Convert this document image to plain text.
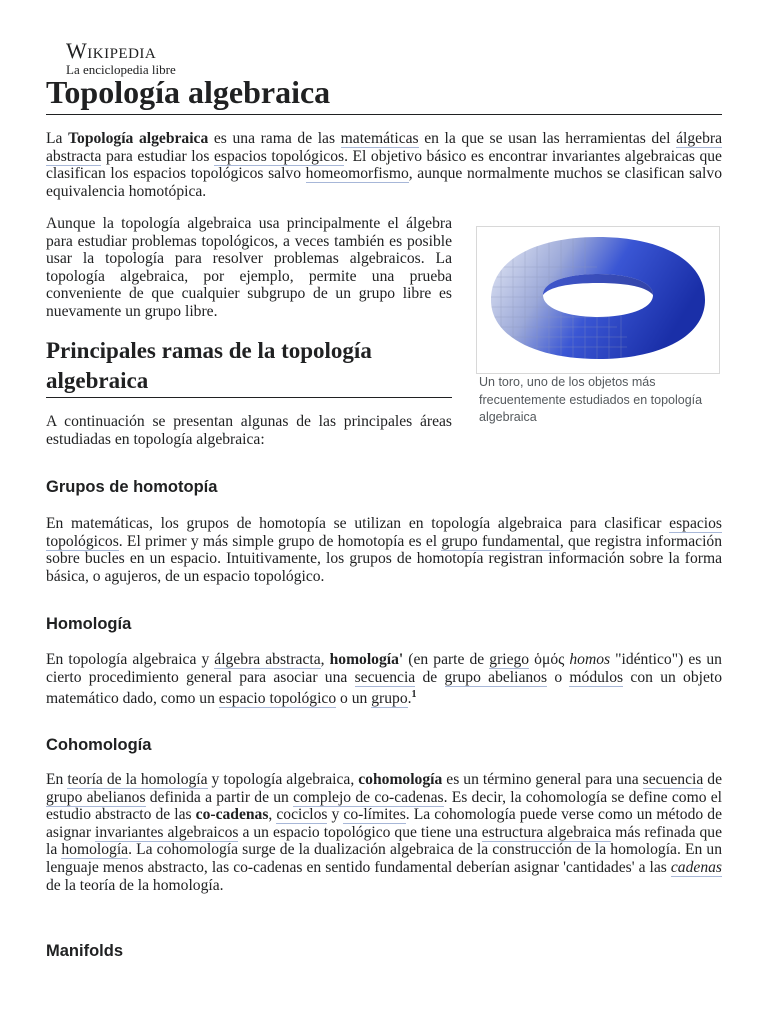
Wikipedia
La enciclopedia libre
Topología algebraica

La Topología algebraica es una rama de las matemáticas en la que se usan las herramientas del álgebra abstracta para estudiar los espacios topológicos. El objetivo básico es encontrar invariantes algebraicas que clasifican los espacios topológicos salvo homeomorfismo, aunque normalmente muchos se clasifican salvo equivalencia homotópica.

Aunque la topología algebraica usa principalmente el álgebra para estudiar problemas topológicos, a veces también es posible usar la topología para resolver problemas algebraicos. La topología algebraica, por ejemplo, permite una prueba conveniente de que cualquier subgrupo de un grupo libre es nuevamente un grupo libre.

Un toro, uno de los objetos más frecuentemente estudiados en topología algebraica
Principales ramas de la topología algebraica

A continuación se presentan algunas de las principales áreas estudiadas en topología algebraica:

Grupos de homotopía

En matemáticas, los grupos de homotopía se utilizan en topología algebraica para clasificar espacios topológicos. El primer y más simple grupo de homotopía es el grupo fundamental, que registra información sobre bucles en un espacio. Intuitivamente, los grupos de homotopía registran información sobre la forma básica, o agujeros, de un espacio topológico.

Homología

En topología algebraica y álgebra abstracta, homología' (en parte de griego ὁμός homos "idéntico") es un cierto procedimiento general para asociar una secuencia de grupo abelianos o módulos con un objeto matemático dado, como un espacio topológico o un grupo.$^1$

Cohomología

En teoría de la homología y topología algebraica, cohomología es un término general para una secuencia de grupo abelianos definida a partir de un complejo de co-cadenas. Es decir, la cohomología se define como el estudio abstracto de las co-cadenas, cociclos y co-límites. La cohomología puede verse como un método de asignar invariantes algebraicos a un espacio topológico que tiene una estructura algebraica más refinada que la homología. La cohomología surge de la dualización algebraica de la construcción de la homología. En un lenguaje menos abstracto, las co-cadenas en sentido fundamental deberían asignar 'cantidades' a las cadenas de la teoría de la homología.

Manifolds
